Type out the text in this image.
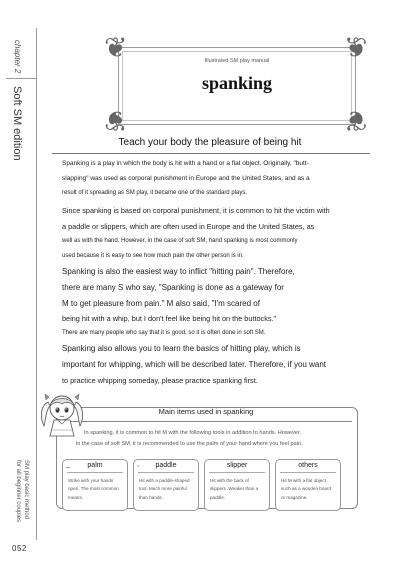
chapter 2
Soft SM edition
SM play basic method
for all beginner couples
052
❦	❦
❦	❦
Illustrated SM play manual
spanking
Teach your body the pleasure of being hit
Spanking is a play in which the body is hit with a hand or a flat object. Originally, "butt-
slapping" was used as corporal punishment in Europe and the United States, and as a
result of it spreading as SM play, it became one of the standard plays.
Since spanking is based on corporal punishment, it is common to hit the victim with
a paddle or slippers, which are often used in Europe and the United States, as
well as with the hand. However, in the case of soft SM, hand spanking is most commonly
used because it is easy to see how much pain the other person is in.
Spanking is also the easiest way to inflict "hitting pain". Therefore,
there are many S who say, "Spanking is done as a gateway for
M to get pleasure from pain." M also said, "I'm scared of
being hit with a whip, but I don't feel like being hit on the buttocks."
There are many people who say that it is good, so it is often done in soft SM.
Spanking also allows you to learn the basics of hitting play, which is
important for whipping, which will be described later. Therefore, if you want
to practice whipping someday, please practice spanking first.
Main items used in spanking
In spanking, it is common to hit M with the following tools in addition to hands. However,
in the case of soft SM, it is recommended to use the palm of your hand where you feel pain.
_	palm
Strike with your hands open. The most common means.
,	paddle
Hit with a paddle-shaped tool. Much more painful than hands.
slipper
Hit with the back of slippers. Weaker than a paddle.
others
Hit M with a flat object such as a wooden board or magazine.
